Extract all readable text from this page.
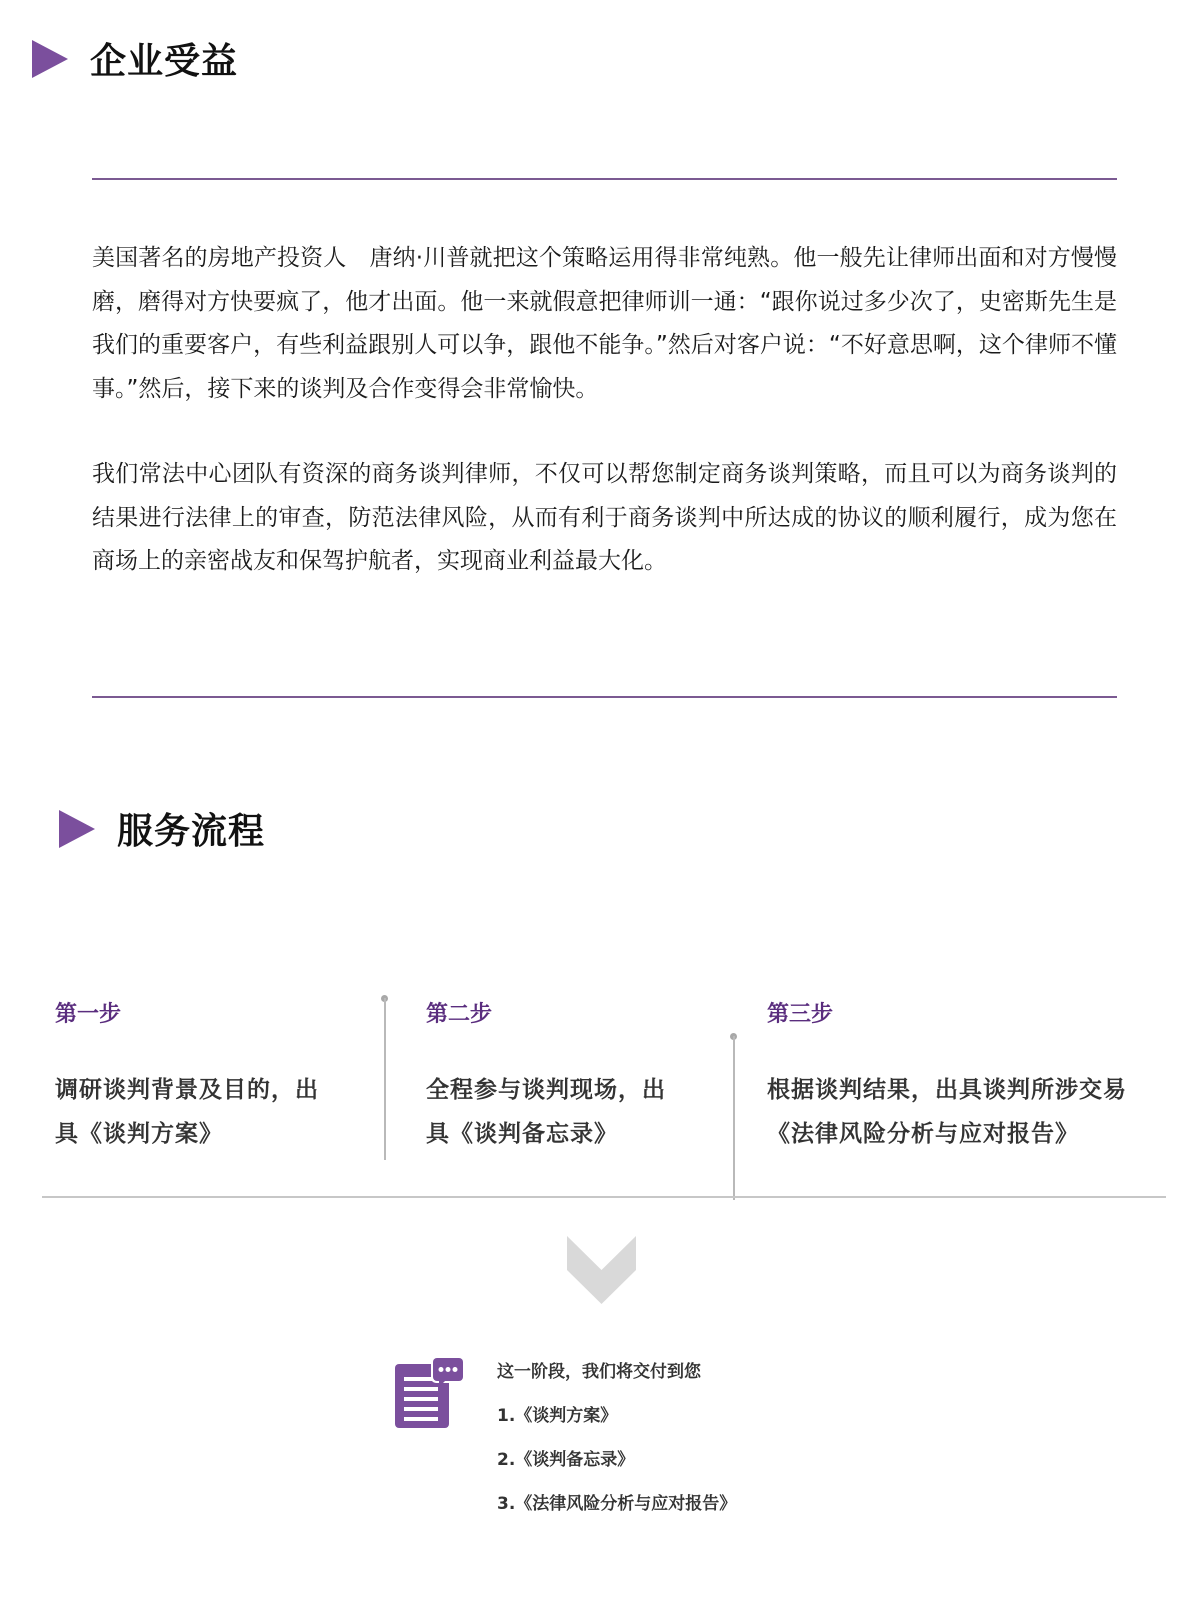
企业受益

美国著名的房地产投资人　唐纳·川普就把这个策略运用得非常纯熟。他一般先让律师出面和对方慢慢磨，磨得对方快要疯了，他才出面。他一来就假意把律师训一通：“跟你说过多少次了，史密斯先生是我们的重要客户，有些利益跟别人可以争，跟他不能争。”然后对客户说：“不好意思啊，这个律师不懂事。”然后，接下来的谈判及合作变得会非常愉快。

我们常法中心团队有资深的商务谈判律师，不仅可以帮您制定商务谈判策略，而且可以为商务谈判的结果进行法律上的审查，防范法律风险，从而有利于商务谈判中所达成的协议的顺利履行，成为您在商场上的亲密战友和保驾护航者，实现商业利益最大化。

服务流程
第一步

调研谈判背景及目的，出
具《谈判方案》

第二步

全程参与谈判现场，出
具《谈判备忘录》

第三步

根据谈判结果，出具谈判所涉交易
《法律风险分析与应对报告》

这一阶段，我们将交付到您
1.《谈判方案》
2.《谈判备忘录》
3.《法律风险分析与应对报告》
